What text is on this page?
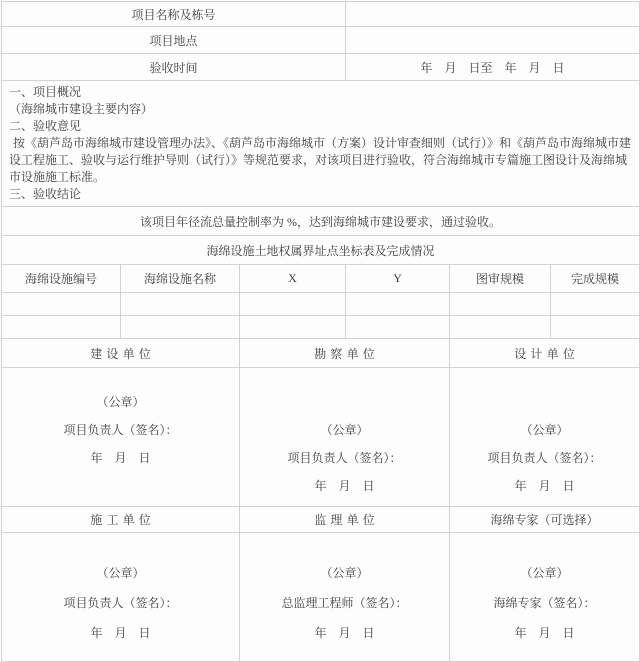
项目名称及栋号					
项目地点					
验收时间			年　月　日至　年　月　日		

一、项目概况
（海绵城市建设主要内容）
二、验收意见
按《葫芦岛市海绵城市建设管理办法》、《葫芦岛市海绵城市（方案）设计审查细则（试行）》和《葫芦岛市海绵城市建设工程施工、验收与运行维护导则（试行）》等规范要求，对该项目进行验收，符合海绵城市专篇施工图设计及海绵城市设施施工标准。
三、验收结论					

该项目年径流总量控制率为 %，达到海绵城市建设要求，通过验收。					
海绵设施土地权属界址点坐标表及完成情况					
海绵设施编号	海绵设施名称	X	Y	图审规模	完成规模

建设单位		勘察单位		设计单位	

（公章）
项目负责人（签名）：
年　月　日

（公章）
项目负责人（签名）：
年　月　日

（公章）
项目负责人（签名）：
年　月　日

施工单位		监理单位		海绵专家（可选择）	

（公章）
项目负责人（签名）：
年　月　日

（公章）
总监理工程师（签名）：
年　月　日

（公章）
海绵专家（签名）：
年　月　日
